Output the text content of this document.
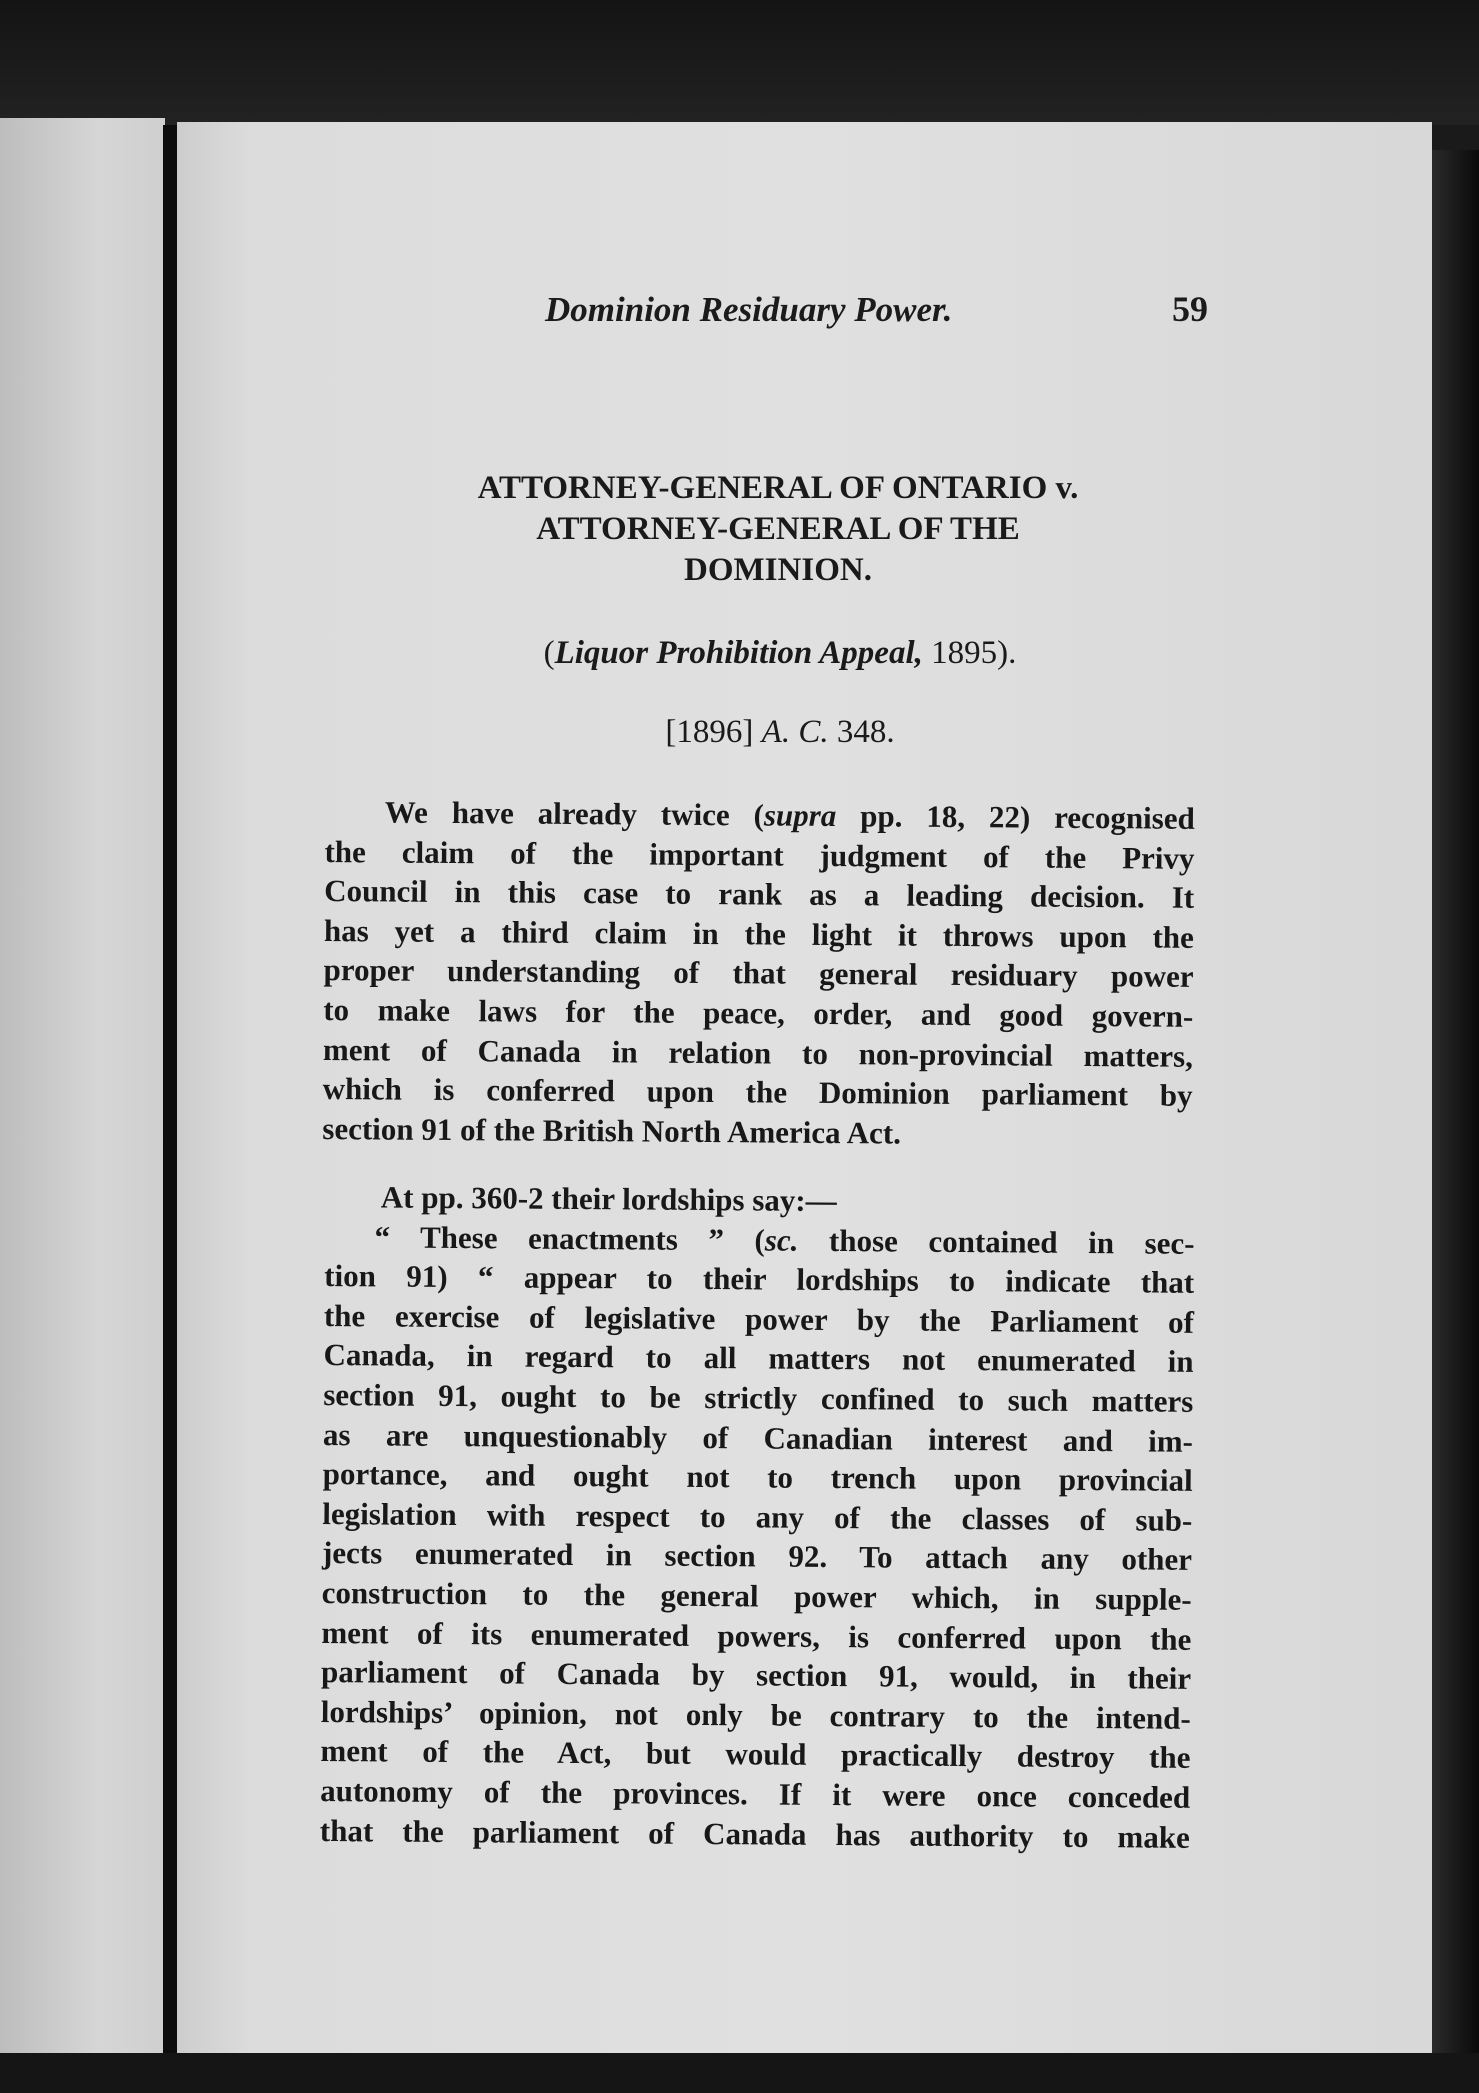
Dominion Residuary Power.	59
ATTORNEY-GENERAL OF ONTARIO v.
ATTORNEY-GENERAL OF THE
DOMINION.
(Liquor Prohibition Appeal, 1895).
[1896] A. C. 348.
We have already twice (supra pp. 18, 22) recognised
the claim of the important judgment of the Privy
Council in this case to rank as a leading decision. It
has yet a third claim in the light it throws upon the
proper understanding of that general residuary power
to make laws for the peace, order, and good govern-
ment of Canada in relation to non-provincial matters,
which is conferred upon the Dominion parliament by
section 91 of the British North America Act.
At pp. 360-2 their lordships say:—
“ These enactments ” (sc. those contained in sec-
tion 91) “ appear to their lordships to indicate that
the exercise of legislative power by the Parliament of
Canada, in regard to all matters not enumerated in
section 91, ought to be strictly confined to such matters
as are unquestionably of Canadian interest and im-
portance, and ought not to trench upon provincial
legislation with respect to any of the classes of sub-
jects enumerated in section 92. To attach any other
construction to the general power which, in supple-
ment of its enumerated powers, is conferred upon the
parliament of Canada by section 91, would, in their
lordships’ opinion, not only be contrary to the intend-
ment of the Act, but would practically destroy the
autonomy of the provinces. If it were once conceded
that the parliament of Canada has authority to make
